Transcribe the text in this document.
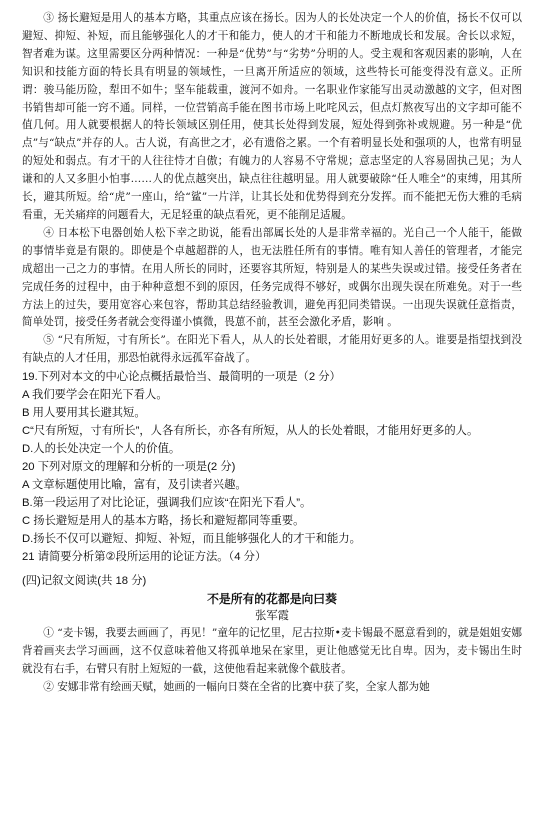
③ 扬长避短是用人的基本方略，其重点应该在扬长。因为人的长处决定一个人的价值，扬长不仅可以避短、抑短、补短，而且能够强化人的才干和能力，使人的才干和能力不断地成长和发展。舍长以求短，智者难为谋。这里需要区分两种情况：一种是“优势”与“劣势”分明的人。受主观和客观因素的影响，人在知识和技能方面的特长具有明显的领域性，一旦离开所适应的领域，这些特长可能变得没有意义。正所谓：骏马能历险，犁田不如牛；坚车能载重，渡河不如舟。一名职业作家能写出灵动激越的文字，但对图书销售却可能一窍不通。同样，一位营销高手能在图书市场上叱咤风云，但点灯熬夜写出的文字却可能不值几何。用人就要根据人的特长领域区别任用，使其长处得到发展，短处得到弥补或规避。另一种是“优点”与“缺点”并存的人。古人说，有高世之才，必有遗俗之累。一个有着明显长处和强项的人，也常有明显的短处和弱点。有才干的人往往恃才自傲；有魄力的人容易不守常规；意志坚定的人容易固执己见；为人谦和的人又多胆小怕事……人的优点越突出，缺点往往越明显。用人就要破除“任人唯全”的束缚，用其所长，避其所短。给“虎”一座山，给“鲨”一片洋，让其长处和优势得到充分发挥。而不能把无伤大雅的毛病看重，无关痛痒的问题看大，无足轻重的缺点看死，更不能削足适履。

④ 日本松下电器创始人松下幸之助说，能看出部属长处的人是非常幸福的。光自己一个人能干，能做的事情毕竟是有限的。即使是个卓越超群的人，也无法胜任所有的事情。唯有知人善任的管理者，才能完成超出一己之力的事情。在用人所长的同时，还要容其所短，特别是人的某些失误或过错。接受任务者在完成任务的过程中，由于种种意想不到的原因，任务完成得不够好，或偶尔出现失误在所难免。对于一些方法上的过失，要用宽容心来包容，帮助其总结经验教训，避免再犯同类错误。一出现失误就任意指责，简单处罚，接受任务者就会变得谨小慎微，畏葸不前，甚至会激化矛盾，影响 。

⑤ “尺有所短，寸有所长”。在阳光下看人，从人的长处着眼，才能用好更多的人。谁要是指望找到没有缺点的人才任用，那恐怕就得永远孤军奋战了。

19.下列对本文的中心论点概括最恰当、最简明的一项是（2 分）

A 我们要学会在阳光下看人。

B 用人要用其长避其短。

C“尺有所短，寸有所长”，人各有所长，亦各有所短，从人的长处着眼，才能用好更多的人。

D.人的长处决定一个人的价值。

20 下列对原文的理解和分析的一项是(2 分)

A 文章标题使用比喻，富有，及引读者兴趣。

B.第一段运用了对比论证，强调我们应该“在阳光下看人”。

C 扬长避短是用人的基本方略，扬长和避短都同等重要。

D.扬长不仅可以避短、抑短、补短，而且能够强化人的才干和能力。

21 请简要分析第②段所运用的论证方法。（4 分）

(四)记叙文阅读(共 18 分)

不是所有的花都是向曰葵

张军霞

① “麦卡锡，我要去画画了，再见！”童年的记忆里，尼古拉斯•麦卡锡最不愿意看到的，就是姐姐安娜背着画夹去学习画画，这不仅意味着他又将孤单地呆在家里，更让他感觉无比自卑。因为，麦卡锡出生时就没有右手，右臂只有肘上短短的一截，这使他看起来就像个截肢者。

② 安娜非常有绘画天赋，她画的一幅向日葵在全省的比赛中获了奖，全家人都为她
